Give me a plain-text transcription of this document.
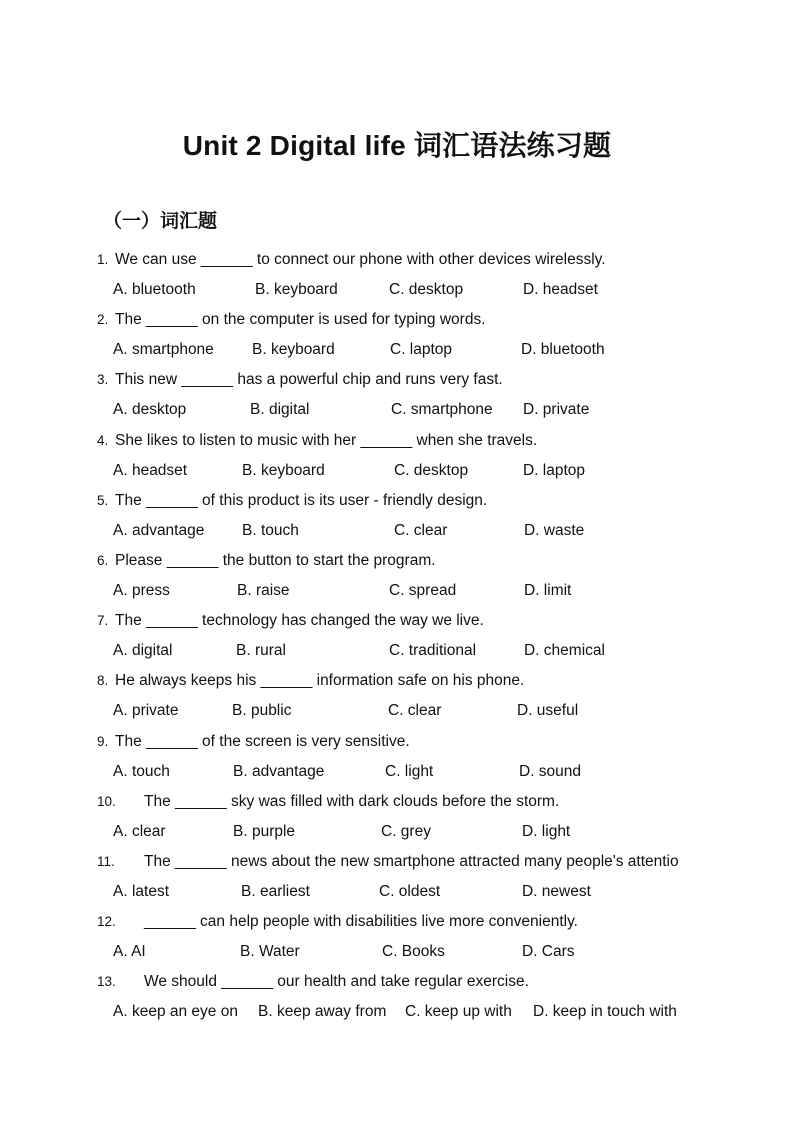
Unit 2 Digital life 词汇语法练习题
（一）词汇题
1. We can use ______ to connect our phone with other devices wirelessly.
A. bluetooth	B. keyboard	C. desktop	D. headset
2. The ______ on the computer is used for typing words.
A. smartphone B. keyboard	C. laptop	D. bluetooth
3. This new ______ has a powerful chip and runs very fast.
A. desktop	B. digital	C. smartphone D. private
4. She likes to listen to music with her ______ when she travels.
A. headset	B. keyboard	C. desktop	D. laptop
5. The ______ of this product is its user - friendly design.
A. advantage B. touch	C. clear	D. waste
6. Please ______ the button to start the program.
A. press	B. raise	C. spread	D. limit
7. The ______ technology has changed the way we live.
A. digital	B. rural	C. traditional	D. chemical
8. He always keeps his ______ information safe on his phone.
A. private	B. public	C. clear	D. useful
9. The ______ of the screen is very sensitive.
A. touch	B. advantage	C. light	D. sound
10. The ______ sky was filled with dark clouds before the storm.
A. clear	B. purple	C. grey	D. light
11. The ______ news about the new smartphone attracted many people's attentio
A. latest	B. earliest	C. oldest	D. newest
12. ______ can help people with disabilities live more conveniently.
A. AI	B. Water	C. Books	D. Cars
13. We should ______ our health and take regular exercise.
A. keep an eye on B. keep away from C. keep up with D. keep in touch with
